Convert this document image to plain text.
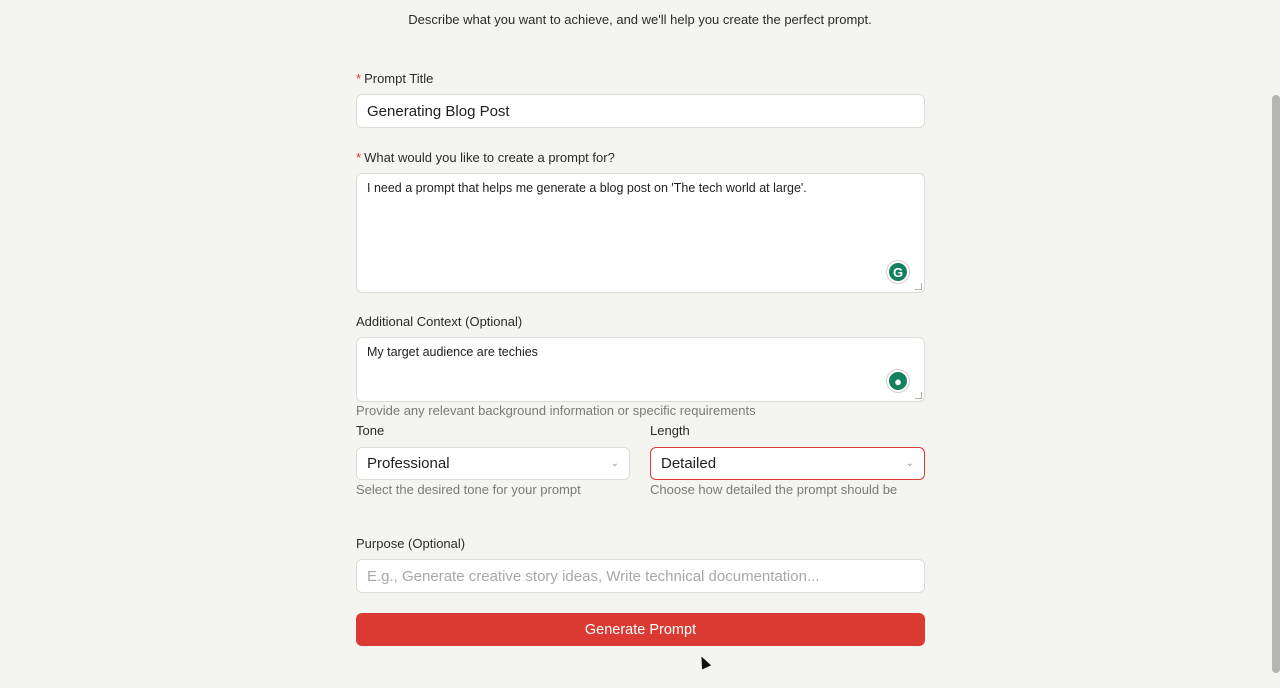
Describe what you want to achieve, and we'll help you create the perfect prompt.
* Prompt Title
Generating Blog Post
* What would you like to create a prompt for?
I need a prompt that helps me generate a blog post on 'The tech world at large'.
G
Additional Context (Optional)
My target audience are techies
●
Provide any relevant background information or specific requirements
Tone
Professional	⌄
Select the desired tone for your prompt
Length
Detailed	⌄
Choose how detailed the prompt should be
Purpose (Optional)
E.g., Generate creative story ideas, Write technical documentation...
Generate Prompt
